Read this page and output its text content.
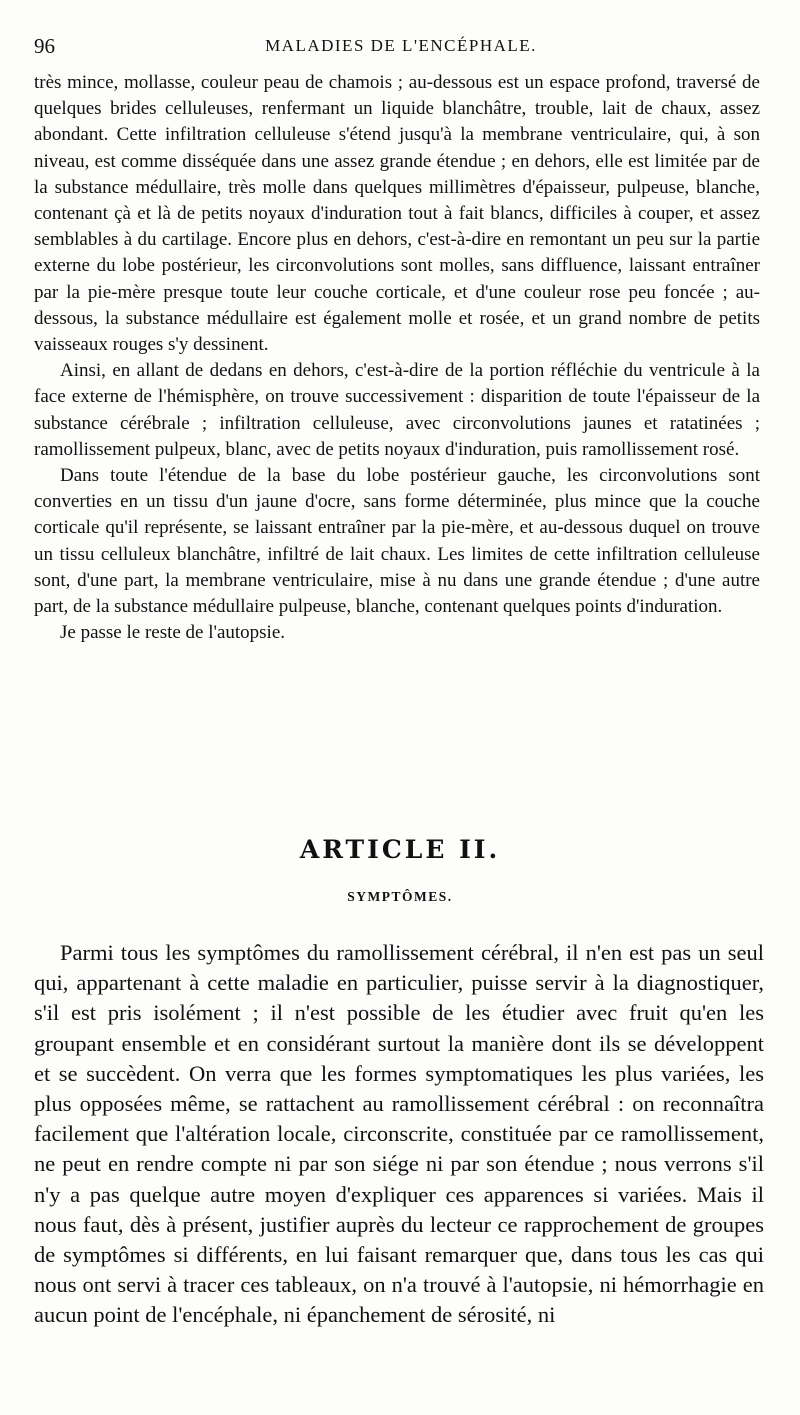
96	MALADIES DE L'ENCÉPHALE.

très mince, mollasse, couleur peau de chamois ; au-dessous est un espace profond, traversé de quelques brides celluleuses, renfermant un liquide blanchâtre, trouble, lait de chaux, assez abondant. Cette infiltration celluleuse s'étend jusqu'à la membrane ventriculaire, qui, à son niveau, est comme disséquée dans une assez grande étendue ; en dehors, elle est limitée par de la substance médullaire, très molle dans quelques millimètres d'épaisseur, pulpeuse, blanche, contenant çà et là de petits noyaux d'induration tout à fait blancs, difficiles à couper, et assez semblables à du cartilage. Encore plus en dehors, c'est-à-dire en remontant un peu sur la partie externe du lobe postérieur, les circonvolutions sont molles, sans diffluence, laissant entraîner par la pie-mère presque toute leur couche corticale, et d'une couleur rose peu foncée ; au-dessous, la substance médullaire est également molle et rosée, et un grand nombre de petits vaisseaux rouges s'y dessinent.

Ainsi, en allant de dedans en dehors, c'est-à-dire de la portion réfléchie du ventricule à la face externe de l'hémisphère, on trouve successivement : disparition de toute l'épaisseur de la substance cérébrale ; infiltration celluleuse, avec circonvolutions jaunes et ratatinées ; ramollissement pulpeux, blanc, avec de petits noyaux d'induration, puis ramollissement rosé.

Dans toute l'étendue de la base du lobe postérieur gauche, les circonvolutions sont converties en un tissu d'un jaune d'ocre, sans forme déterminée, plus mince que la couche corticale qu'il représente, se laissant entraîner par la pie-mère, et au-dessous duquel on trouve un tissu celluleux blanchâtre, infiltré de lait chaux. Les limites de cette infiltration celluleuse sont, d'une part, la membrane ventriculaire, mise à nu dans une grande étendue ; d'une autre part, de la substance médullaire pulpeuse, blanche, contenant quelques points d'induration.

Je passe le reste de l'autopsie.

ARTICLE II.
SYMPTÔMES.

Parmi tous les symptômes du ramollissement cérébral, il n'en est pas un seul qui, appartenant à cette maladie en particulier, puisse servir à la diagnostiquer, s'il est pris isolément ; il n'est possible de les étudier avec fruit qu'en les groupant ensemble et en considérant surtout la manière dont ils se développent et se succèdent. On verra que les formes symptomatiques les plus variées, les plus opposées même, se rattachent au ramollissement cérébral : on reconnaîtra facilement que l'altération locale, circonscrite, constituée par ce ramollissement, ne peut en rendre compte ni par son siége ni par son étendue ; nous verrons s'il n'y a pas quelque autre moyen d'expliquer ces apparences si variées. Mais il nous faut, dès à présent, justifier auprès du lecteur ce rapprochement de groupes de symptômes si différents, en lui faisant remarquer que, dans tous les cas qui nous ont servi à tracer ces tableaux, on n'a trouvé à l'autopsie, ni hémorrhagie en aucun point de l'encéphale, ni épanchement de sérosité, ni
